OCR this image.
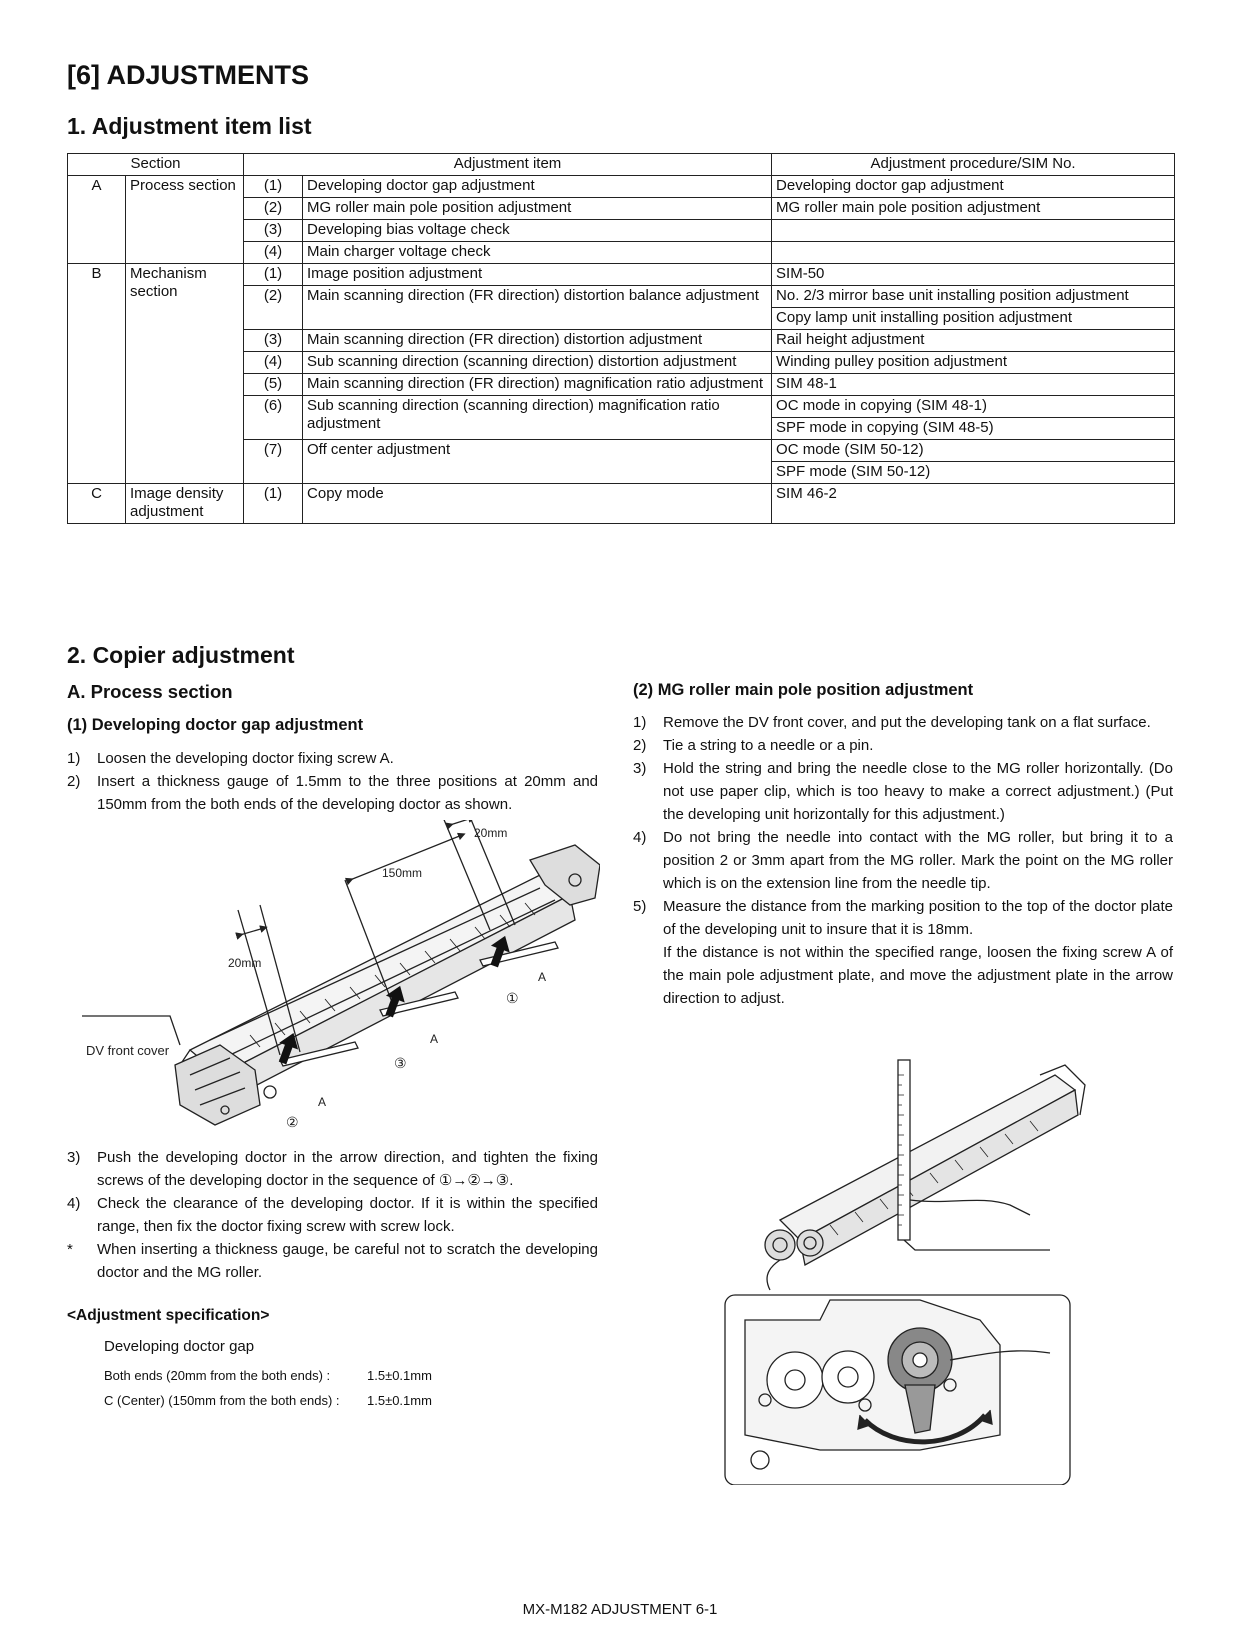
[6] ADJUSTMENTS
1. Adjustment item list
Section		Adjustment item		Adjustment procedure/SIM No.
A	Process section	(1)	Developing doctor gap adjustment	Developing doctor gap adjustment
		(2)	MG roller main pole position adjustment	MG roller main pole position adjustment
		(3)	Developing bias voltage check	
		(4)	Main charger voltage check	
B	Mechanism section	(1)	Image position adjustment	SIM-50
		(2)	Main scanning direction (FR direction) distortion balance adjustment	No. 2/3 mirror base unit installing position adjustment
				Copy lamp unit installing position adjustment
		(3)	Main scanning direction (FR direction) distortion adjustment	Rail height adjustment
		(4)	Sub scanning direction (scanning direction) distortion adjustment	Winding pulley position adjustment
		(5)	Main scanning direction (FR direction) magnification ratio adjustment	SIM 48-1
		(6)	Sub scanning direction (scanning direction) magnification ratio adjustment	OC mode in copying (SIM 48-1)
				SPF mode in copying (SIM 48-5)
		(7)	Off center adjustment	OC mode (SIM 50-12)
				SPF mode (SIM 50-12)
C	Image density adjustment	(1)	Copy mode	SIM 46-2
2. Copier adjustment
A. Process section
(1) Developing doctor gap adjustment
1) Loosen the developing doctor fixing screw A.
2) Insert a thickness gauge of 1.5mm to the three positions at 20mm and 150mm from the both ends of the developing doctor as shown.
20mm
150mm
20mm
DV front cover
A
①
A
③
A
②
3) Push the developing doctor in the arrow direction, and tighten the fixing screws of the developing doctor in the sequence of ①→②→③.
4) Check the clearance of the developing doctor. If it is within the specified range, then fix the doctor fixing screw with screw lock.
* When inserting a thickness gauge, be careful not to scratch the developing doctor and the MG roller.
<Adjustment specification>
Developing doctor gap
Both ends (20mm from the both ends) :	1.5±0.1mm
C (Center) (150mm from the both ends) : 1.5±0.1mm
(2) MG roller main pole position adjustment
1) Remove the DV front cover, and put the developing tank on a flat surface.
2) Tie a string to a needle or a pin.
3) Hold the string and bring the needle close to the MG roller horizontally. (Do not use paper clip, which is too heavy to make a correct adjustment.) (Put the developing unit horizontally for this adjustment.)
4) Do not bring the needle into contact with the MG roller, but bring it to a position 2 or 3mm apart from the MG roller. Mark the point on the MG roller which is on the extension line from the needle tip.
5) Measure the distance from the marking position to the top of the doctor plate of the developing unit to insure that it is 18mm.
If the distance is not within the specified range, loosen the fixing screw A of the main pole adjustment plate, and move the adjustment plate in the arrow direction to adjust.
MX-M182 ADJUSTMENT 6-1
